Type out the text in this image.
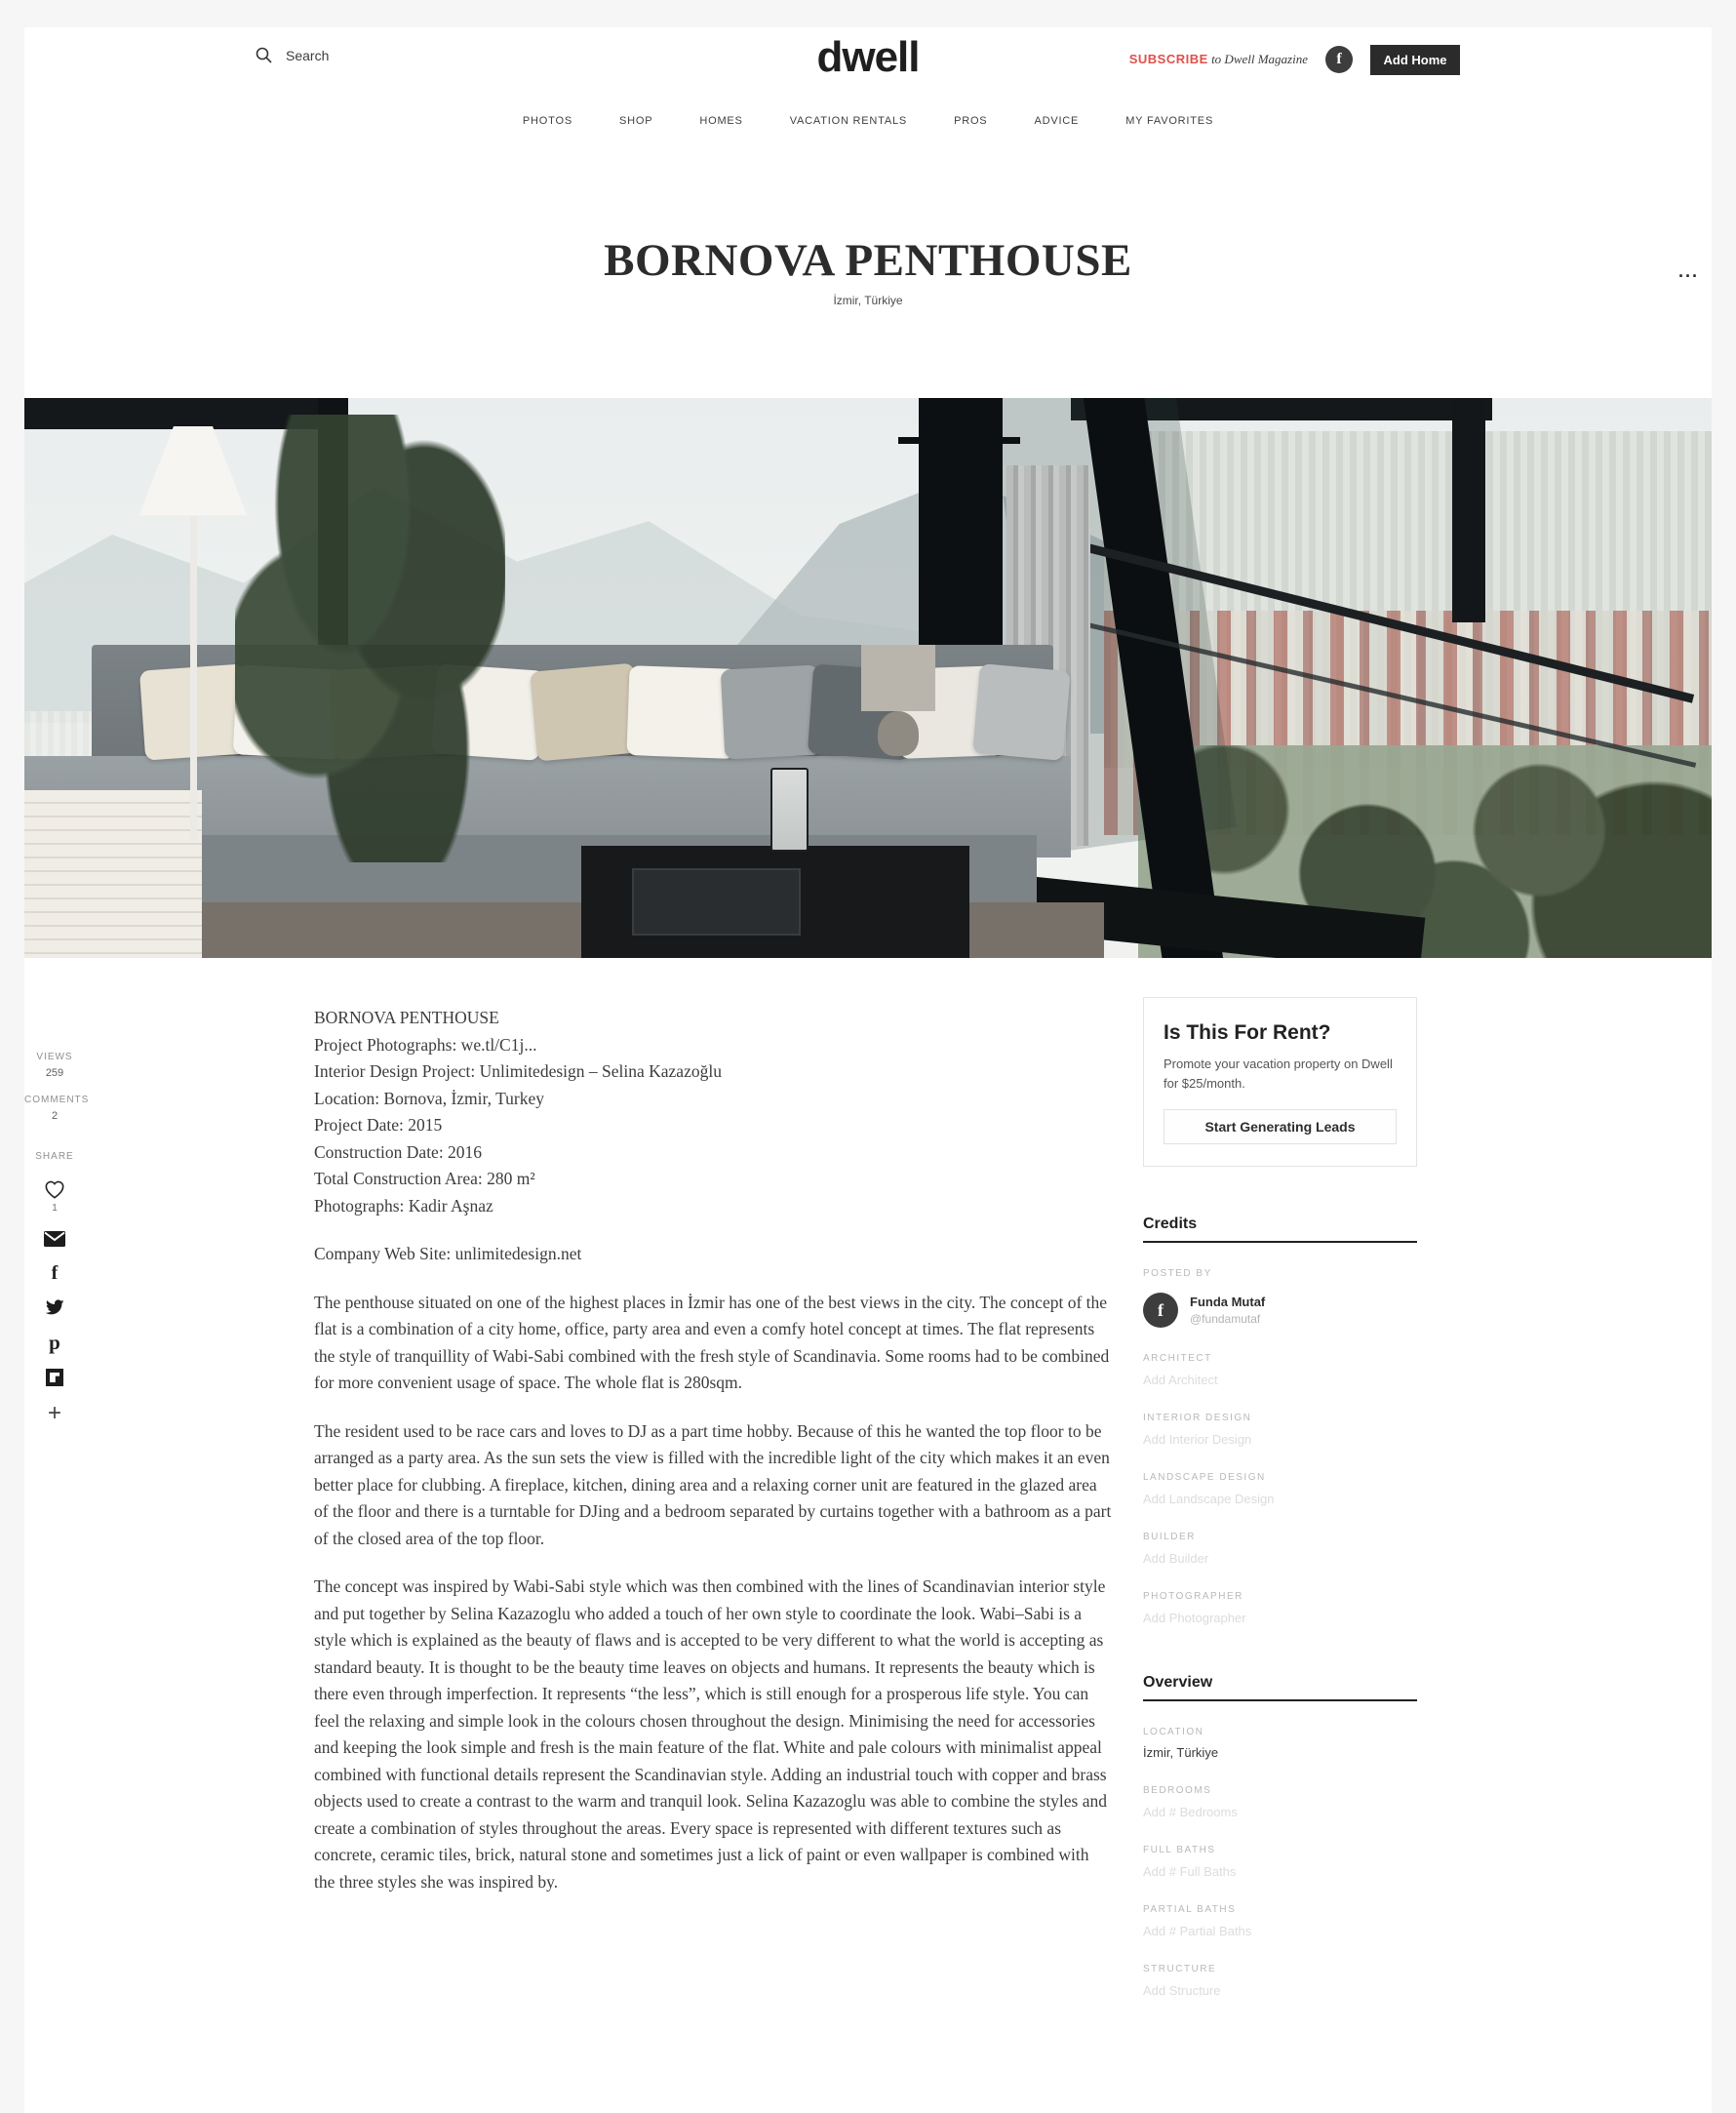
Search
dwell	SUBSCRIBE to Dwell Magazine	f	Add Home
PHOTOS	SHOP	HOMES	VACATION RENTALS	PROS	ADVICE	MY FAVORITES
BORNOVA PENTHOUSE
İzmir, Türkiye
...
VIEWS
259
COMMENTS
2
SHARE
1
f
p
+
BORNOVA PENTHOUSE
Project Photographs: we.tl/C1j...
Interior Design Project: Unlimitedesign – Selina Kazazoğlu
Location: Bornova, İzmir, Turkey
Project Date: 2015
Construction Date: 2016
Total Construction Area: 280 m²
Photographs: Kadir Aşnaz

Company Web Site: unlimitedesign.net

The penthouse situated on one of the highest places in İzmir has one of the best views in the city. The concept of the flat is a combination of a city home, office, party area and even a comfy hotel concept at times. The flat represents the style of tranquillity of Wabi-Sabi combined with the fresh style of Scandinavia. Some rooms had to be combined for more convenient usage of space. The whole flat is 280sqm.

The resident used to be race cars and loves to DJ as a part time hobby. Because of this he wanted the top floor to be arranged as a party area. As the sun sets the view is filled with the incredible light of the city which makes it an even better place for clubbing. A fireplace, kitchen, dining area and a relaxing corner unit are featured in the glazed area of the floor and there is a turntable for DJing and a bedroom separated by curtains together with a bathroom as a part of the closed area of the top floor.

The concept was inspired by Wabi-Sabi style which was then combined with the lines of Scandinavian interior style and put together by Selina Kazazoglu who added a touch of her own style to coordinate the look. Wabi–Sabi is a style which is explained as the beauty of flaws and is accepted to be very different to what the world is accepting as standard beauty. It is thought to be the beauty time leaves on objects and humans. It represents the beauty which is there even through imperfection. It represents “the less”, which is still enough for a prosperous life style. You can feel the relaxing and simple look in the colours chosen throughout the design. Minimising the need for accessories and keeping the look simple and fresh is the main feature of the flat. White and pale colours with minimalist appeal combined with functional details represent the Scandinavian style. Adding an industrial touch with copper and brass objects used to create a contrast to the warm and tranquil look. Selina Kazazoglu was able to combine the styles and create a combination of styles throughout the areas. Every space is represented with different textures such as concrete, ceramic tiles, brick, natural stone and sometimes just a lick of paint or even wallpaper is combined with the three styles she was inspired by.

Is This For Rent?
Promote your vacation property on Dwell for $25/month.
Start Generating Leads
Credits
POSTED BY
f	Funda Mutaf
@fundamutaf
ARCHITECT
Add Architect
INTERIOR DESIGN
Add Interior Design
LANDSCAPE DESIGN
Add Landscape Design
BUILDER
Add Builder
PHOTOGRAPHER
Add Photographer
Overview
LOCATION
İzmir, Türkiye
BEDROOMS
Add # Bedrooms
FULL BATHS
Add # Full Baths
PARTIAL BATHS
Add # Partial Baths
STRUCTURE
Add Structure
